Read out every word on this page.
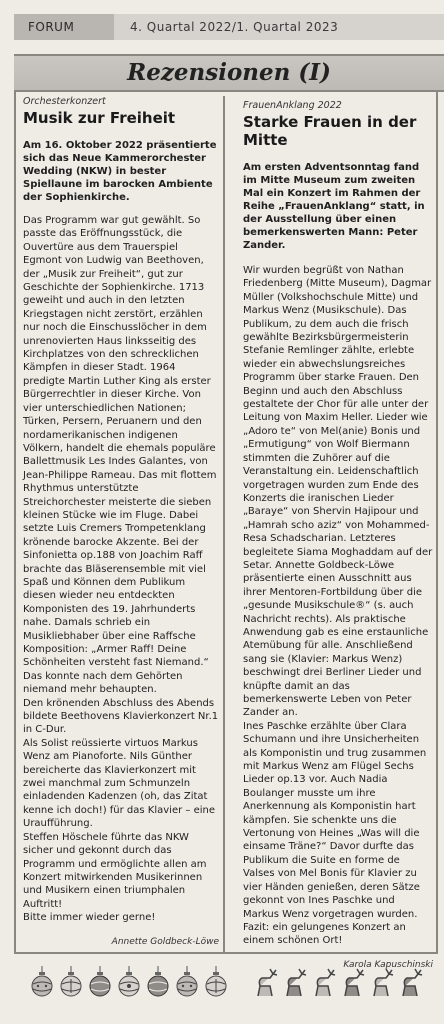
FORUM	4. Quartal 2022/1. Quartal 2023
Rezensionen (I)
Orchesterkonzert
Musik zur Freiheit
Am 16. Oktober 2022 präsentierte sich das Neue Kammerorchester Wedding (NKW) in bester Spiellaune im barocken Ambiente der Sophienkirche.

Das Programm war gut gewählt. So passte das Eröffnungsstück, die Ouvertüre aus dem Trauerspiel Egmont von Ludwig van Beethoven, der „Musik zur Freiheit“, gut zur Geschichte der Sophienkirche. 1713 geweiht und auch in den letzten Kriegstagen nicht zerstört, erzählen nur noch die Einschusslöcher in dem unrenovierten Haus linksseitig des Kirchplatzes von den schrecklichen Kämpfen in dieser Stadt. 1964 predigte Martin Luther King als erster Bürgerrechtler in dieser Kirche. Von vier unterschiedlichen Nationen; Türken, Persern, Peruanern und den nordamerikanischen indigenen Völkern, handelt die ehemals populäre Ballettmusik Les Indes Galantes, von Jean-Philippe Rameau. Das mit flottem Rhythmus unterstützte Streichorchester meisterte die sieben kleinen Stücke wie im Fluge. Dabei setzte Luis Cremers Trompetenklang krönende barocke Akzente. Bei der Sinfonietta op.188 von Joachim Raff brachte das Bläserensemble mit viel Spaß und Können dem Publikum diesen wieder neu entdeckten Komponisten des 19. Jahrhunderts nahe. Damals schrieb ein Musikliebhaber über eine Raffsche Komposition: „Armer Raff! Deine Schönheiten versteht fast Niemand.“ Das konnte nach dem Gehörten niemand mehr behaupten.

Den krönenden Abschluss des Abends bildete Beethovens Klavierkonzert Nr.1 in C-Dur.

Als Solist reüssierte virtuos Markus Wenz am Pianoforte. Nils Günther bereicherte das Klavierkonzert mit zwei manchmal zum Schmunzeln einladenden Kadenzen (oh, das Zitat kenne ich doch!) für das Klavier – eine Uraufführung.

Steffen Höschele führte das NKW sicher und gekonnt durch das Programm und ermöglichte allen am Konzert mitwirkenden Musikerinnen und Musikern einen triumphalen Auftritt!

Bitte immer wieder gerne!

Annette Goldbeck-Löwe
FrauenAnklang 2022
Starke Frauen in der Mitte
Am ersten Adventsonntag fand im Mitte Museum zum zweiten Mal ein Konzert im Rahmen der Reihe „FrauenAnklang“ statt, in der Ausstellung über einen bemerkenswerten Mann: Peter Zander.

Wir wurden begrüßt von Nathan Friedenberg (Mitte Museum), Dagmar Müller (Volkshochschule Mitte) und Markus Wenz (Musikschule). Das Publikum, zu dem auch die frisch gewählte Bezirksbürgermeisterin Stefanie Remlinger zählte, erlebte wieder ein abwechslungsreiches Programm über starke Frauen. Den Beginn und auch den Abschluss gestaltete der Chor für alle unter der Leitung von Maxim Heller. Lieder wie „Adoro te“ von Mel(anie) Bonis und „Ermutigung“ von Wolf Biermann stimmten die Zuhörer auf die Veranstaltung ein. Leidenschaftlich vorgetragen wurden zum Ende des Konzerts die iranischen Lieder „Baraye“ von Shervin Hajipour und „Hamrah scho aziz“ von Mohammed-Resa Schadscharian. Letzteres begleitete Siama Moghaddam auf der Setar. Annette Goldbeck-Löwe präsentierte einen Ausschnitt aus ihrer Mentoren-Fortbildung über die „gesunde Musikschule®“ (s. auch Nachricht rechts). Als praktische Anwendung gab es eine erstaunliche Atemübung für alle. Anschließend sang sie (Klavier: Markus Wenz) beschwingt drei Berliner Lieder und knüpfte damit an das bemerkenswerte Leben von Peter Zander an.

Ines Paschke erzählte über Clara Schumann und ihre Unsicherheiten als Komponistin und trug zusammen mit Markus Wenz am Flügel Sechs Lieder op.13 vor. Auch Nadia Boulanger musste um ihre Anerkennung als Komponistin hart kämpfen. Sie schenkte uns die Vertonung von Heines „Was will die einsame Träne?“ Davor durfte das Publikum die Suite en forme de Valses von Mel Bonis für Klavier zu vier Händen genießen, deren Sätze gekonnt von Ines Paschke und Markus Wenz vorgetragen wurden.

Fazit: ein gelungenes Konzert an einem schönen Ort!

Karola Kapuschinski
